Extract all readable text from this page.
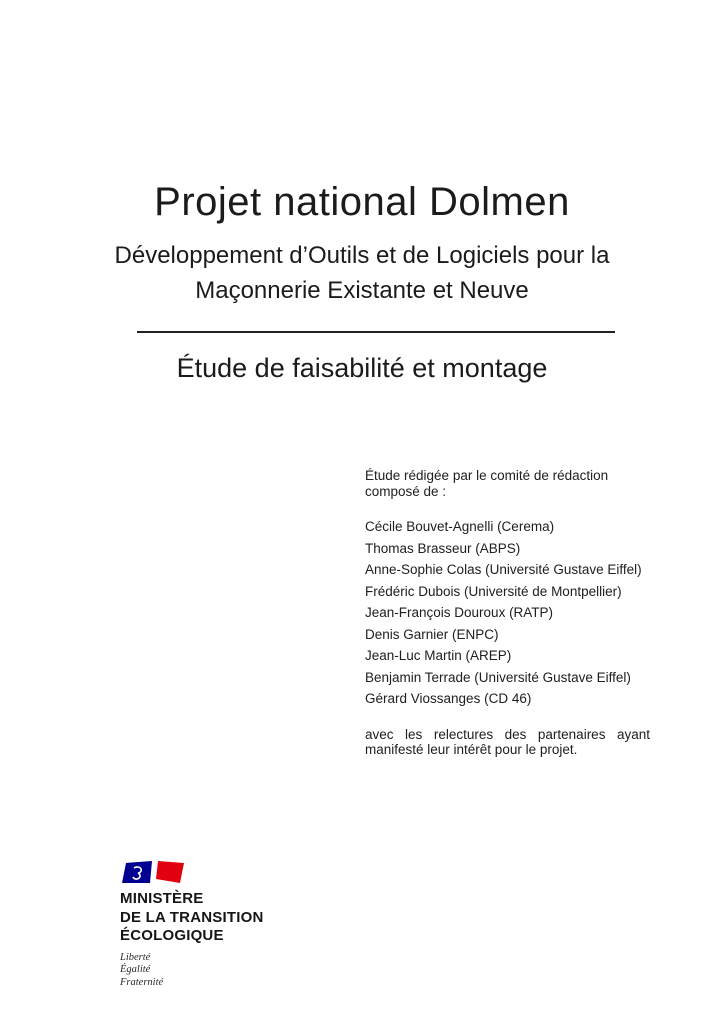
Projet national Dolmen
Développement d’Outils et de Logiciels pour la Maçonnerie Existante et Neuve
Étude de faisabilité et montage
Étude rédigée par le comité de rédaction composé de :
Cécile Bouvet-Agnelli (Cerema)
Thomas Brasseur (ABPS)
Anne-Sophie Colas (Université Gustave Eiffel)
Frédéric Dubois (Université de Montpellier)
Jean-François Douroux (RATP)
Denis Garnier (ENPC)
Jean-Luc Martin (AREP)
Benjamin Terrade (Université Gustave Eiffel)
Gérard Viossanges (CD 46)
avec les relectures des partenaires ayant manifesté leur intérêt pour le projet.
MINISTÈRE
DE LA TRANSITION
ÉCOLOGIQUE
Liberté
Égalité
Fraternité
